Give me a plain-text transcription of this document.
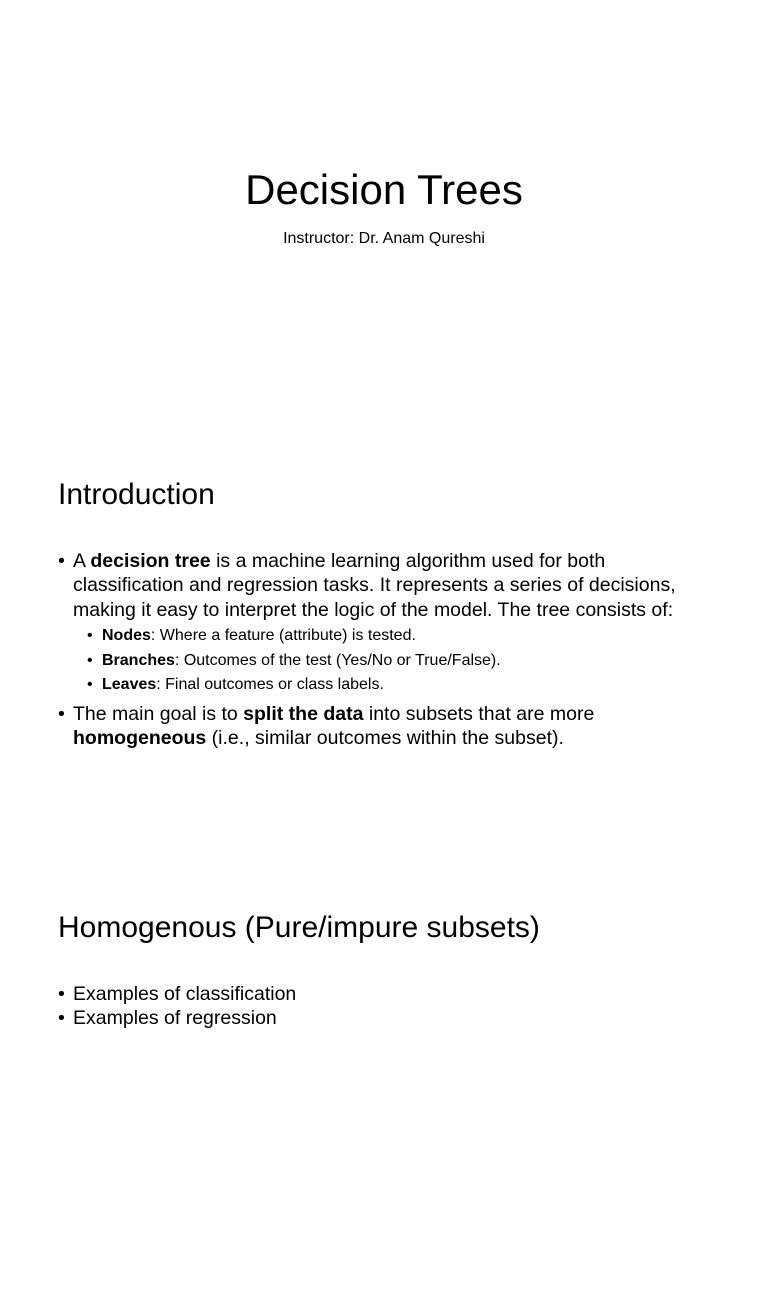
Decision Trees

Instructor: Dr. Anam Qureshi

Introduction
• A decision tree is a machine learning algorithm used for both classification and regression tasks. It represents a series of decisions, making it easy to interpret the logic of the model. The tree consists of:
• Nodes: Where a feature (attribute) is tested.
• Branches: Outcomes of the test (Yes/No or True/False).
• Leaves: Final outcomes or class labels.
• The main goal is to split the data into subsets that are more homogeneous (i.e., similar outcomes within the subset).
Homogenous (Pure/impure subsets)
• Examples of classification
• Examples of regression
